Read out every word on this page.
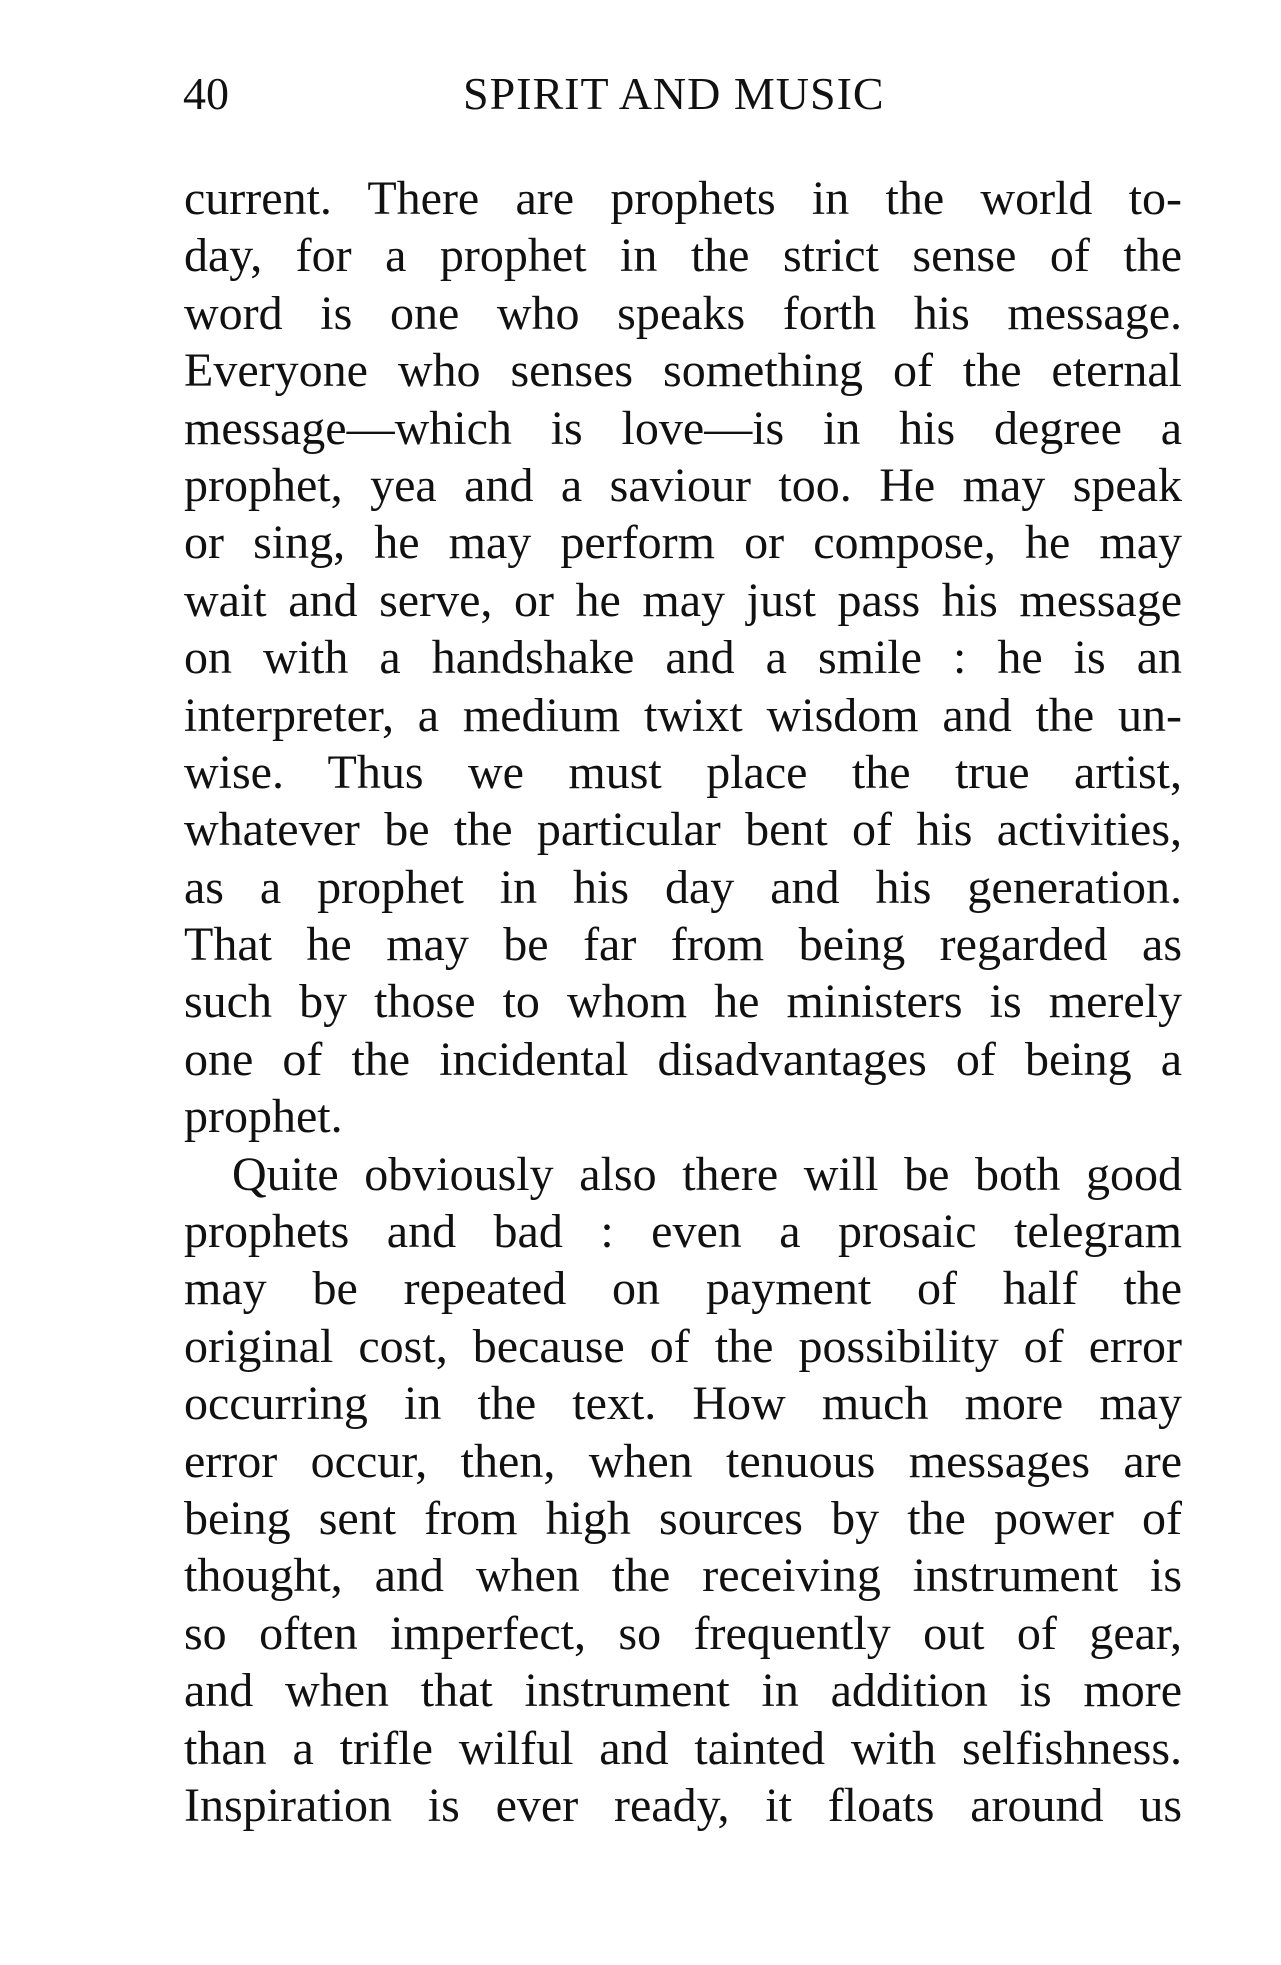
40	SPIRIT AND MUSIC
current. There are prophets in the world to-
day, for a prophet in the strict sense of the
word is one who speaks forth his message.
Everyone who senses something of the eternal
message—which is love—is in his degree a
prophet, yea and a saviour too. He may speak
or sing, he may perform or compose, he may
wait and serve, or he may just pass his message
on with a handshake and a smile : he is an
interpreter, a medium twixt wisdom and the un-
wise. Thus we must place the true artist,
whatever be the particular bent of his activities,
as a prophet in his day and his generation.
That he may be far from being regarded as
such by those to whom he ministers is merely
one of the incidental disadvantages of being a
prophet.
Quite obviously also there will be both good
prophets and bad : even a prosaic telegram
may be repeated on payment of half the
original cost, because of the possibility of error
occurring in the text. How much more may
error occur, then, when tenuous messages are
being sent from high sources by the power of
thought, and when the receiving instrument is
so often imperfect, so frequently out of gear,
and when that instrument in addition is more
than a trifle wilful and tainted with selfishness.
Inspiration is ever ready, it floats around us
